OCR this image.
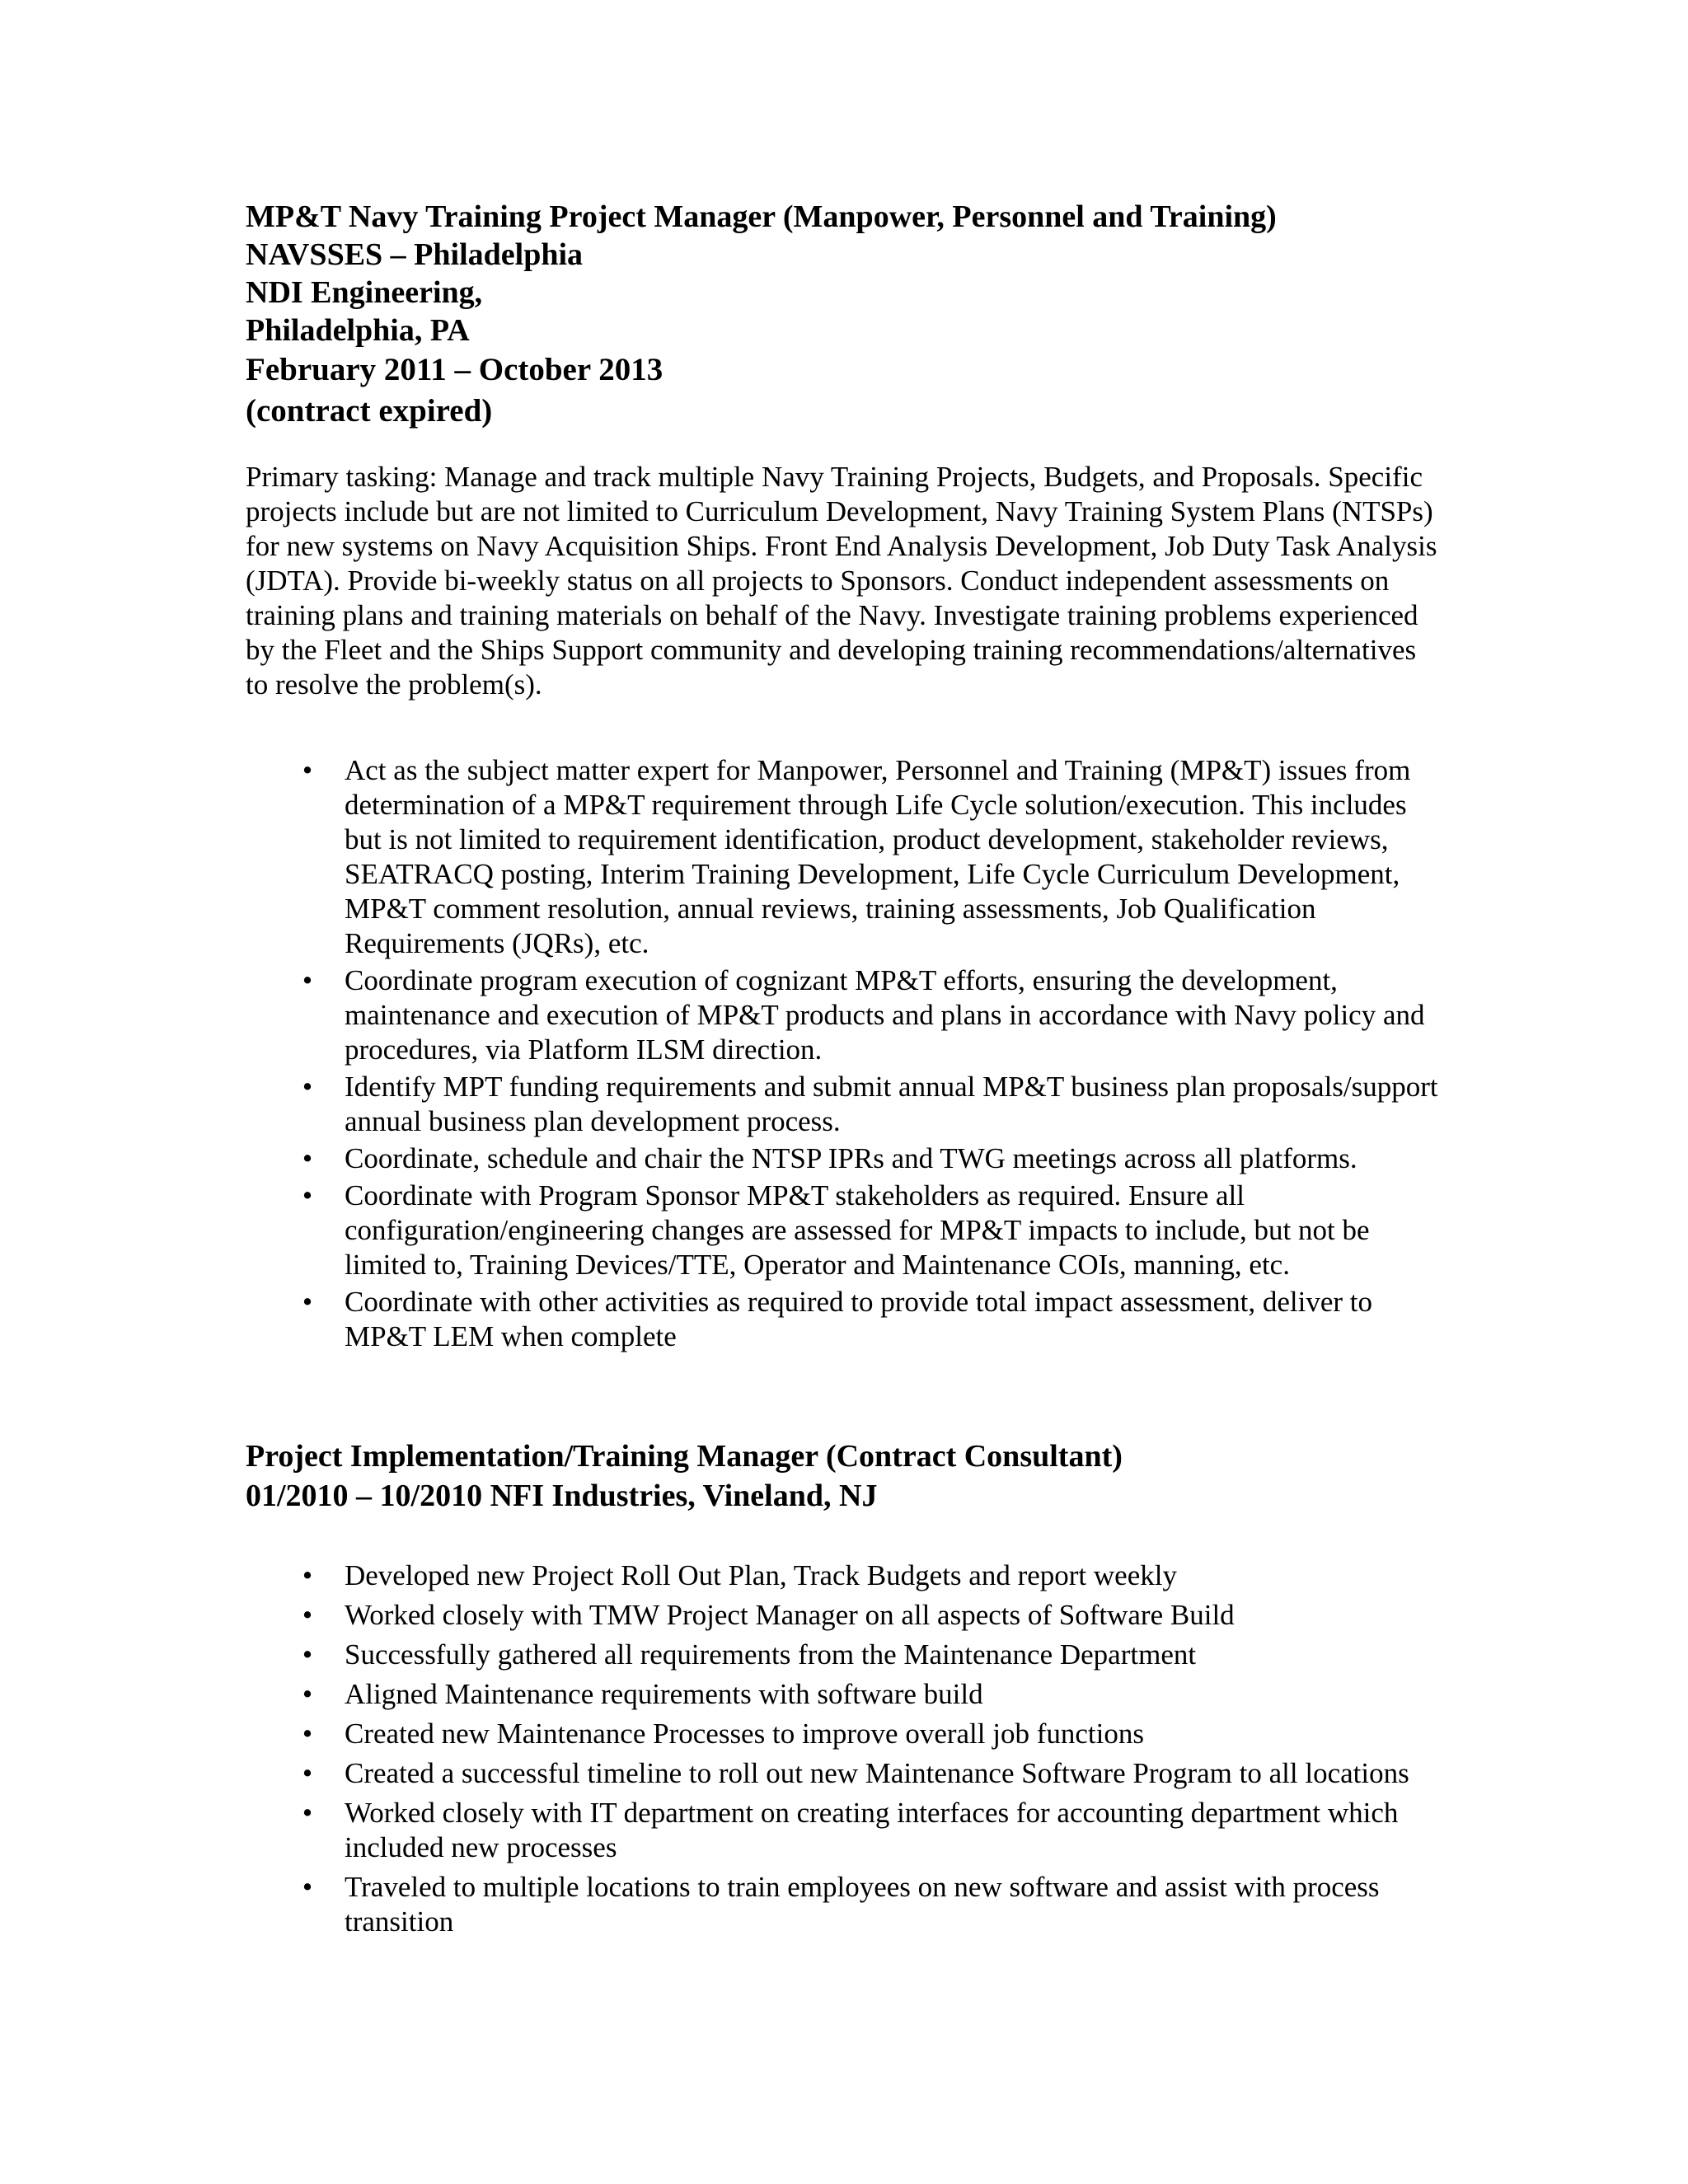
MP&T Navy Training Project Manager (Manpower, Personnel and Training)

NAVSSES – Philadelphia

NDI Engineering,

Philadelphia, PA

February 2011 – October 2013

(contract expired)

Primary tasking: Manage and track multiple Navy Training Projects, Budgets, and Proposals. Specific projects include but are not limited to Curriculum Development, Navy Training System Plans (NTSPs) for new systems on Navy Acquisition Ships. Front End Analysis Development, Job Duty Task Analysis (JDTA). Provide bi-weekly status on all projects to Sponsors. Conduct independent assessments on training plans and training materials on behalf of the Navy. Investigate training problems experienced by the Fleet and the Ships Support community and developing training recommendations/alternatives to resolve the problem(s).

• Act as the subject matter expert for Manpower, Personnel and Training (MP&T) issues from determination of a MP&T requirement through Life Cycle solution/execution. This includes but is not limited to requirement identification, product development, stakeholder reviews, SEATRACQ posting, Interim Training Development, Life Cycle Curriculum Development, MP&T comment resolution, annual reviews, training assessments, Job Qualification Requirements (JQRs), etc.
• Coordinate program execution of cognizant MP&T efforts, ensuring the development, maintenance and execution of MP&T products and plans in accordance with Navy policy and procedures, via Platform ILSM direction.
• Identify MPT funding requirements and submit annual MP&T business plan proposals/support annual business plan development process.
• Coordinate, schedule and chair the NTSP IPRs and TWG meetings across all platforms.
• Coordinate with Program Sponsor MP&T stakeholders as required. Ensure all configuration/engineering changes are assessed for MP&T impacts to include, but not be limited to, Training Devices/TTE, Operator and Maintenance COIs, manning, etc.
• Coordinate with other activities as required to provide total impact assessment, deliver to MP&T LEM when complete

Project Implementation/Training Manager (Contract Consultant)

01/2010 – 10/2010 NFI Industries, Vineland, NJ

• Developed new Project Roll Out Plan, Track Budgets and report weekly
• Worked closely with TMW Project Manager on all aspects of Software Build
• Successfully gathered all requirements from the Maintenance Department
• Aligned Maintenance requirements with software build
• Created new Maintenance Processes to improve overall job functions
• Created a successful timeline to roll out new Maintenance Software Program to all locations
• Worked closely with IT department on creating interfaces for accounting department which included new processes
• Traveled to multiple locations to train employees on new software and assist with process transition
